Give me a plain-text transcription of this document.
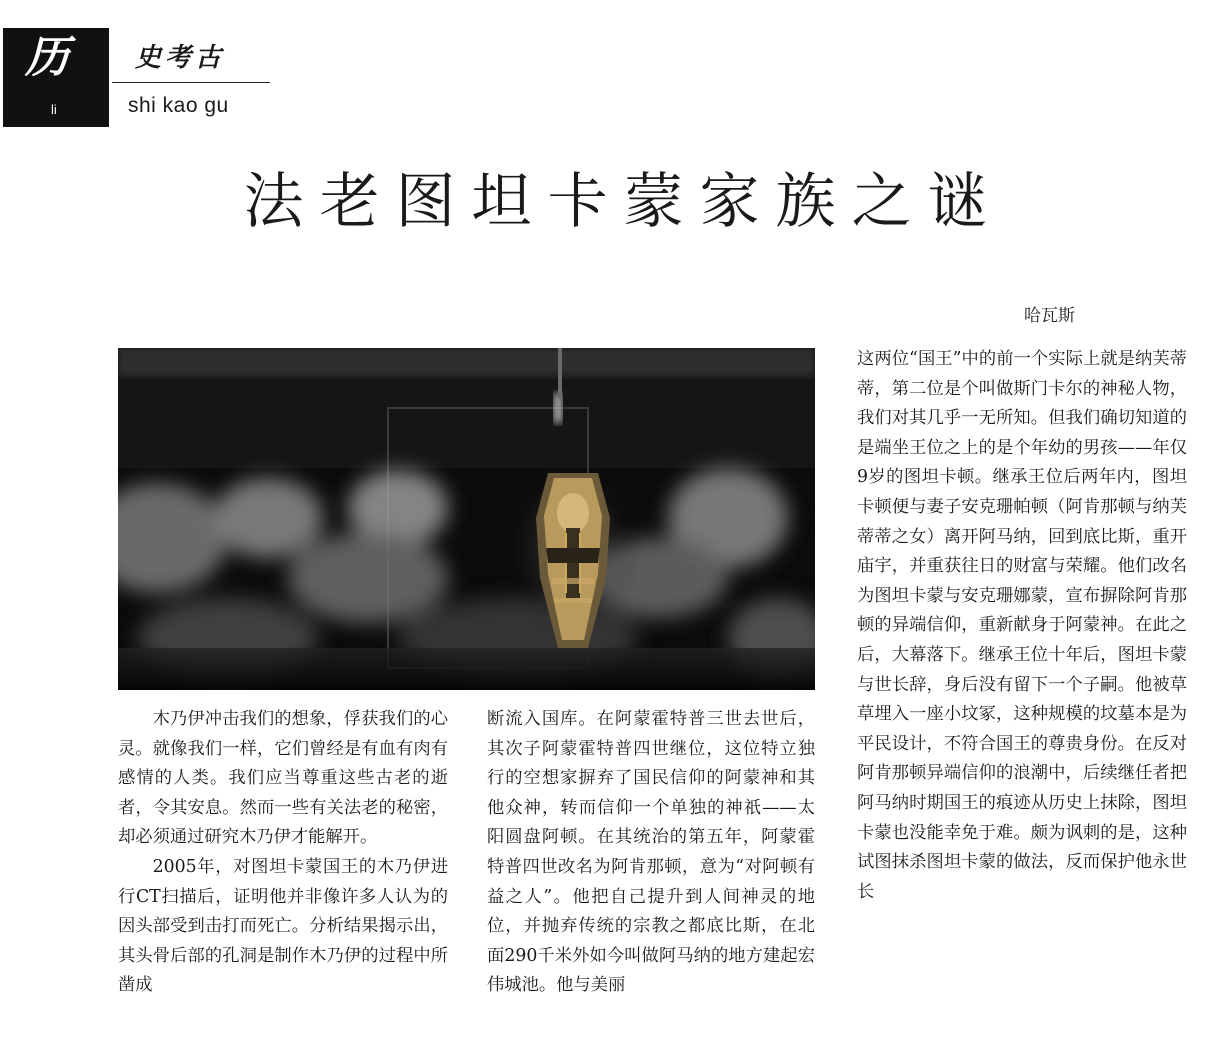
历
li
史考古
shi kao gu
法老图坦卡蒙家族之谜
哈瓦斯

木乃伊冲击我们的想象，俘获我们的心灵。就像我们一样，它们曾经是有血有肉有感情的人类。我们应当尊重这些古老的逝者，令其安息。然而一些有关法老的秘密，却必须通过研究木乃伊才能解开。

2005年，对图坦卡蒙国王的木乃伊进行CT扫描后，证明他并非像许多人认为的因头部受到击打而死亡。分析结果揭示出，其头骨后部的孔洞是制作木乃伊的过程中所凿成

断流入国库。在阿蒙霍特普三世去世后，其次子阿蒙霍特普四世继位，这位特立独行的空想家摒弃了国民信仰的阿蒙神和其他众神，转而信仰一个单独的神祇——太阳圆盘阿顿。在其统治的第五年，阿蒙霍特普四世改名为阿肯那顿，意为“对阿顿有益之人”。他把自己提升到人间神灵的地位，并抛弃传统的宗教之都底比斯，在北面290千米外如今叫做阿马纳的地方建起宏伟城池。他与美丽

这两位“国王”中的前一个实际上就是纳芙蒂蒂，第二位是个叫做斯门卡尔的神秘人物，我们对其几乎一无所知。但我们确切知道的是端坐王位之上的是个年幼的男孩——年仅9岁的图坦卡顿。继承王位后两年内，图坦卡顿便与妻子安克珊帕顿（阿肯那顿与纳芙蒂蒂之女）离开阿马纳，回到底比斯，重开庙宇，并重获往日的财富与荣耀。他们改名为图坦卡蒙与安克珊娜蒙，宣布摒除阿肯那顿的异端信仰，重新献身于阿蒙神。在此之后，大幕落下。继承王位十年后，图坦卡蒙与世长辞，身后没有留下一个子嗣。他被草草埋入一座小坟冢，这种规模的坟墓本是为平民设计，不符合国王的尊贵身份。在反对阿肯那顿异端信仰的浪潮中，后续继任者把阿马纳时期国王的痕迹从历史上抹除，图坦卡蒙也没能幸免于难。颇为讽刺的是，这种试图抹杀图坦卡蒙的做法，反而保护他永世长
